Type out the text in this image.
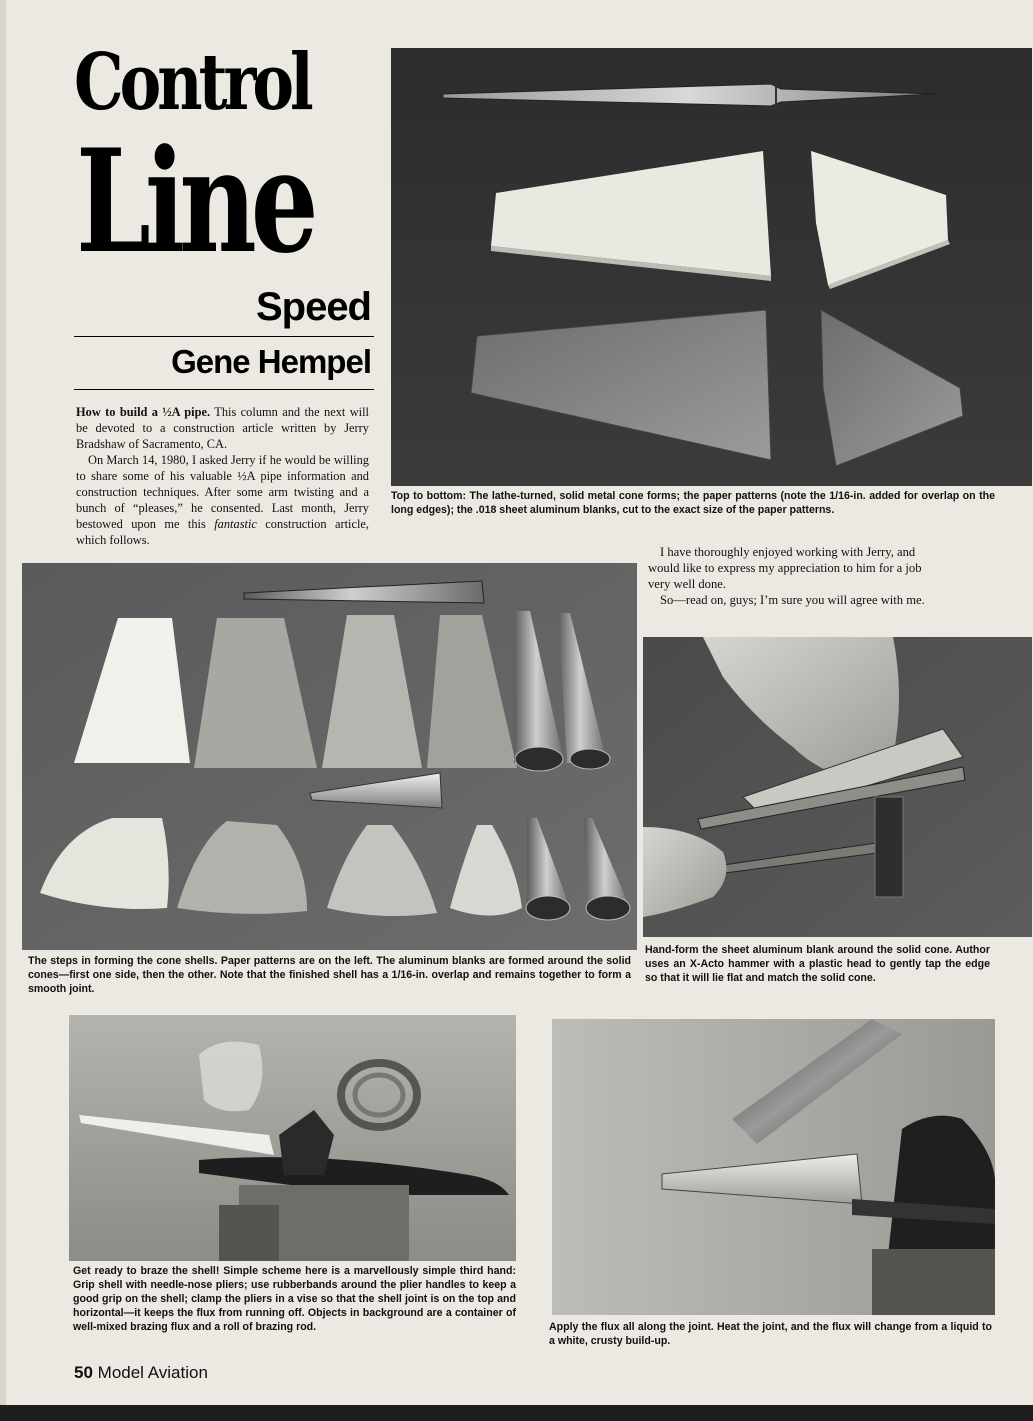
Control
Line
Speed
Gene Hempel

How to build a ½A pipe. This column and the next will be devoted to a construction article written by Jerry Bradshaw of Sacramento, CA.

On March 14, 1980, I asked Jerry if he would be willing to share some of his valuable ½A pipe information and construction techniques. After some arm twisting and a bunch of “pleases,” he consented. Last month, Jerry bestowed upon me this fantastic construction article, which follows.

Top to bottom: The lathe-turned, solid metal cone forms; the paper patterns (note the 1/16-in. added for overlap on the long edges); the .018 sheet aluminum blanks, cut to the exact size of the paper patterns.
The steps in forming the cone shells. Paper patterns are on the left. The aluminum blanks are formed around the solid cones—first one side, then the other. Note that the finished shell has a 1/16-in. overlap and remains together to form a smooth joint.

I have thoroughly enjoyed working with Jerry, and would like to express my appreciation to him for a job very well done.

So—read on, guys; I’m sure you will agree with me.

Hand-form the sheet aluminum blank around the solid cone. Author uses an X-Acto hammer with a plastic head to gently tap the edge so that it will lie flat and match the solid cone.
Get ready to braze the shell! Simple scheme here is a marvellously simple third hand: Grip shell with needle-nose pliers; use rubberbands around the plier handles to keep a good grip on the shell; clamp the pliers in a vise so that the shell joint is on the top and horizontal—it keeps the flux from running off. Objects in background are a container of well-mixed brazing flux and a roll of brazing rod.	Apply the flux all along the joint. Heat the joint, and the flux will change from a liquid to a white, crusty build-up.
50 Model Aviation
